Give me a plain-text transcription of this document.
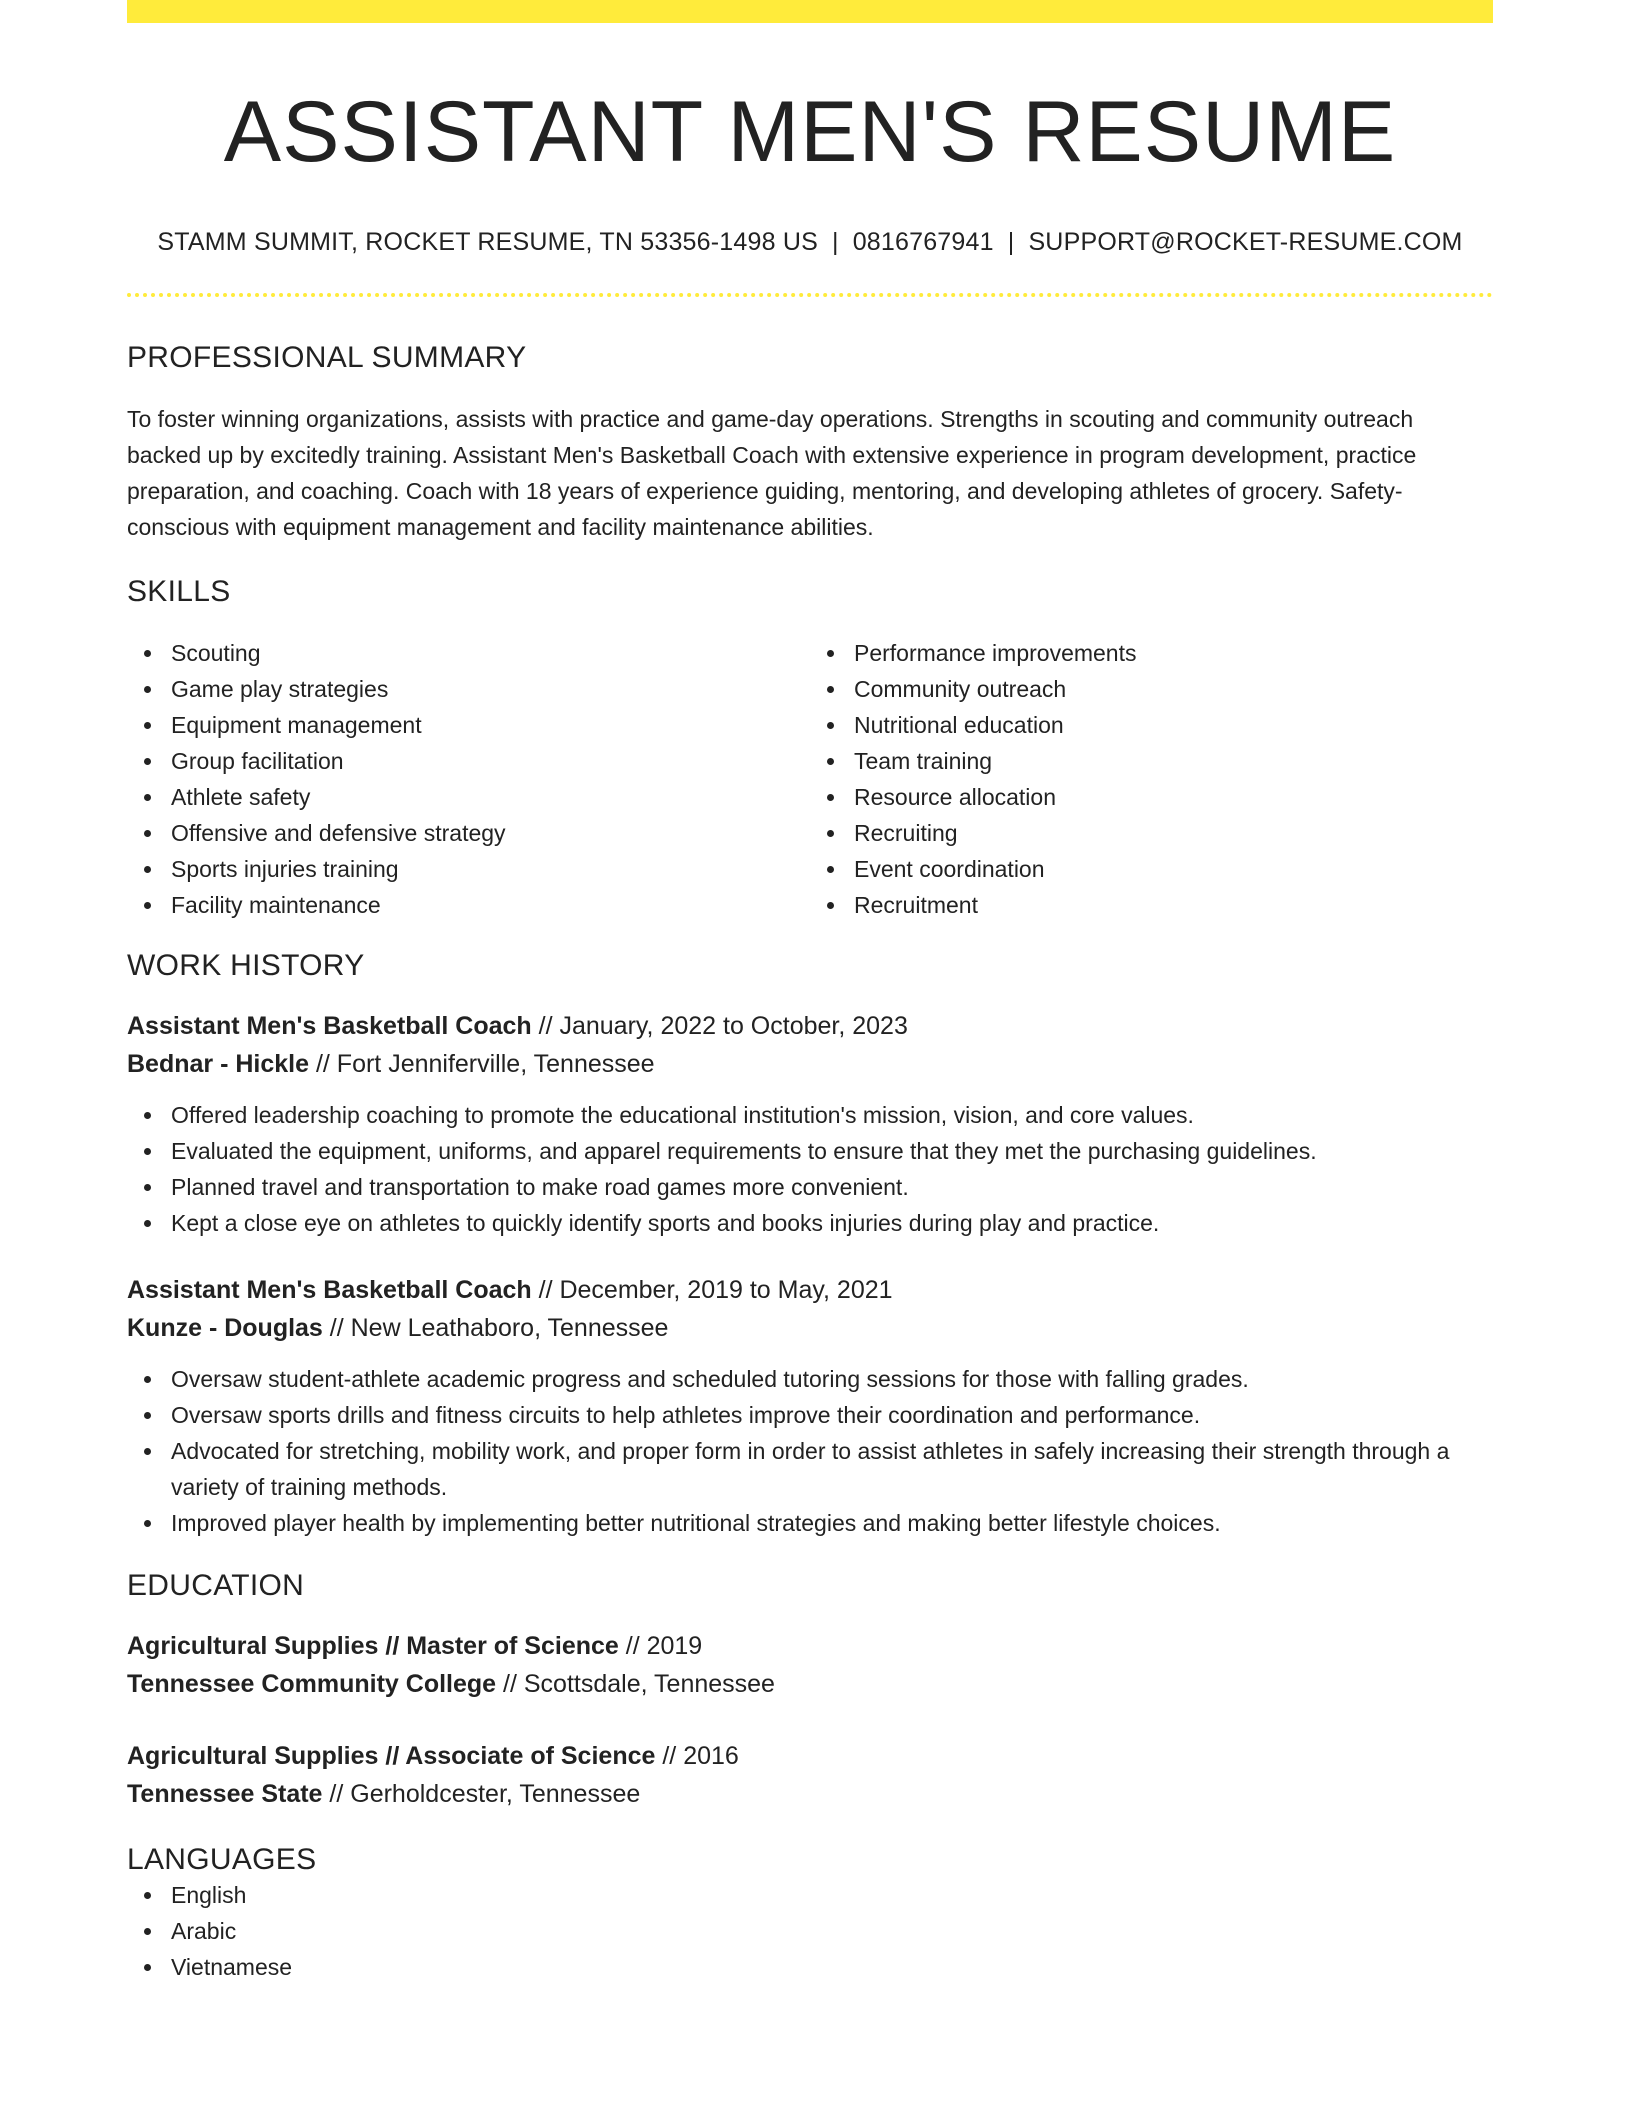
ASSISTANT MEN'S RESUME
STAMM SUMMIT, ROCKET RESUME, TN 53356-1498 US | 0816767941 | SUPPORT@ROCKET-RESUME.COM
PROFESSIONAL SUMMARY
To foster winning organizations, assists with practice and game-day operations. Strengths in scouting and community outreach backed up by excitedly training. Assistant Men's Basketball Coach with extensive experience in program development, practice preparation, and coaching. Coach with 18 years of experience guiding, mentoring, and developing athletes of grocery. Safety-conscious with equipment management and facility maintenance abilities.
SKILLS
Scouting
Game play strategies
Equipment management
Group facilitation
Athlete safety
Offensive and defensive strategy
Sports injuries training
Facility maintenance
Performance improvements
Community outreach
Nutritional education
Team training
Resource allocation
Recruiting
Event coordination
Recruitment
WORK HISTORY
Assistant Men's Basketball Coach // January, 2022 to October, 2023
Bednar - Hickle // Fort Jenniferville, Tennessee
Offered leadership coaching to promote the educational institution's mission, vision, and core values.
Evaluated the equipment, uniforms, and apparel requirements to ensure that they met the purchasing guidelines.
Planned travel and transportation to make road games more convenient.
Kept a close eye on athletes to quickly identify sports and books injuries during play and practice.
Assistant Men's Basketball Coach // December, 2019 to May, 2021
Kunze - Douglas // New Leathaboro, Tennessee
Oversaw student-athlete academic progress and scheduled tutoring sessions for those with falling grades.
Oversaw sports drills and fitness circuits to help athletes improve their coordination and performance.
Advocated for stretching, mobility work, and proper form in order to assist athletes in safely increasing their strength through a variety of training methods.
Improved player health by implementing better nutritional strategies and making better lifestyle choices.
EDUCATION
Agricultural Supplies // Master of Science // 2019
Tennessee Community College // Scottsdale, Tennessee
Agricultural Supplies // Associate of Science // 2016
Tennessee State // Gerholdcester, Tennessee
LANGUAGES
English
Arabic
Vietnamese
